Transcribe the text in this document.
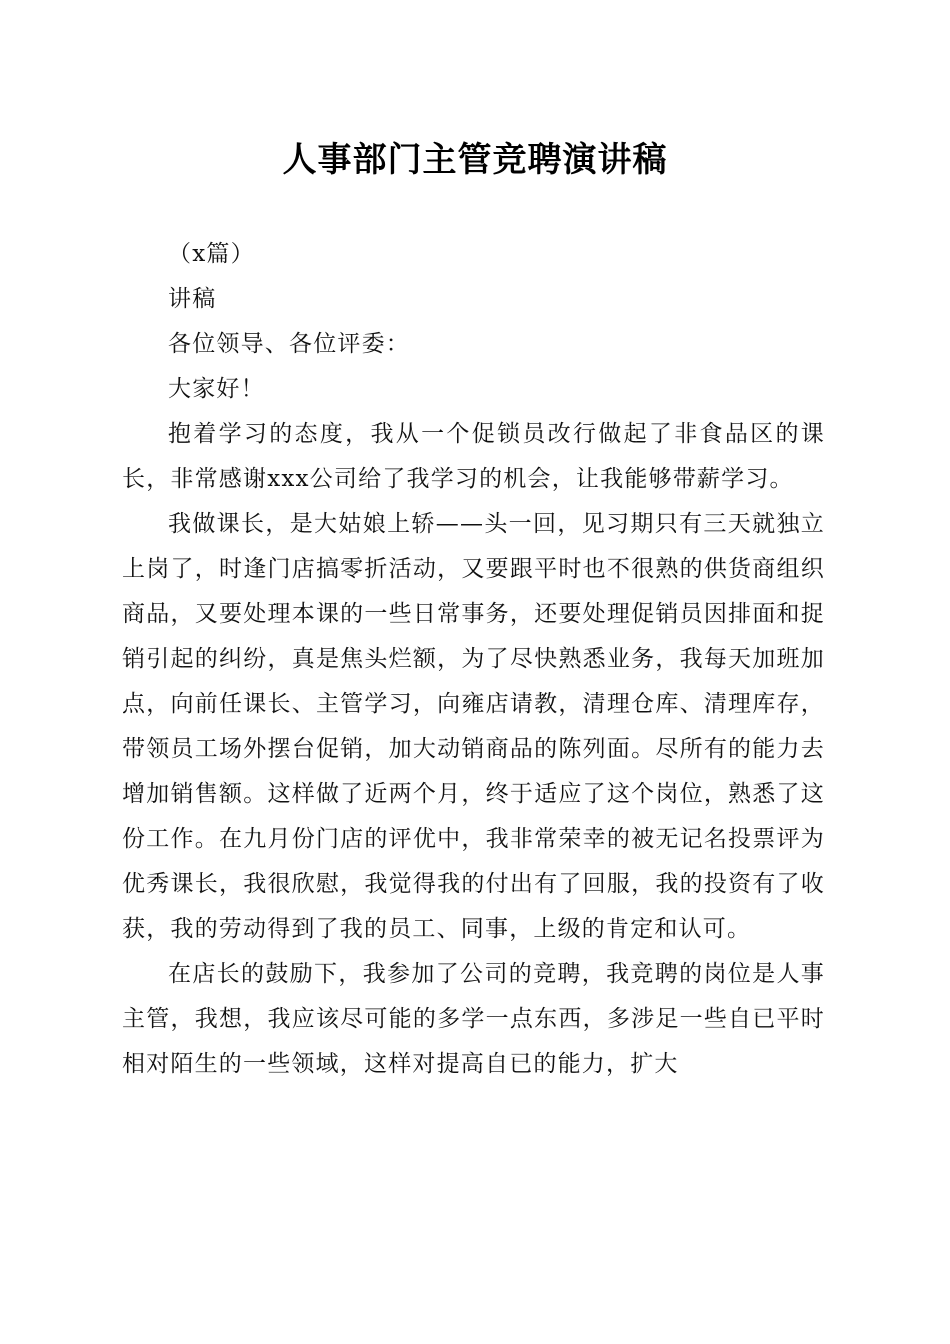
人事部门主管竞聘演讲稿

（x篇）

讲稿

各位领导、各位评委：

大家好！

抱着学习的态度，我从一个促锁员改行做起了非食品区的课长，非常感谢xxx公司给了我学习的机会，让我能够带薪学习。

我做课长，是大姑娘上轿——头一回，见习期只有三天就独立上岗了，时逢门店搞零折活动，又要跟平时也不很熟的供货商组织商品，又要处理本课的一些日常事务，还要处理促销员因排面和捉销引起的纠纷，真是焦头烂额，为了尽快熟悉业务，我每天加班加点，向前任课长、主管学习，向雍店请教，清理仓库、清理库存，带领员工场外摆台促销，加大动销商品的陈列面。尽所有的能力去增加销售额。这样做了近两个月，终于适应了这个岗位，熟悉了这份工作。在九月份门店的评优中，我非常荣幸的被无记名投票评为优秀课长，我很欣慰，我觉得我的付出有了回服，我的投资有了收获，我的劳动得到了我的员工、同事，上级的肯定和认可。

在店长的鼓励下，我参加了公司的竞聘，我竞聘的岗位是人事主管，我想，我应该尽可能的多学一点东西，多涉足一些自已平时相对陌生的一些领域，这样对提高自已的能力，扩大
